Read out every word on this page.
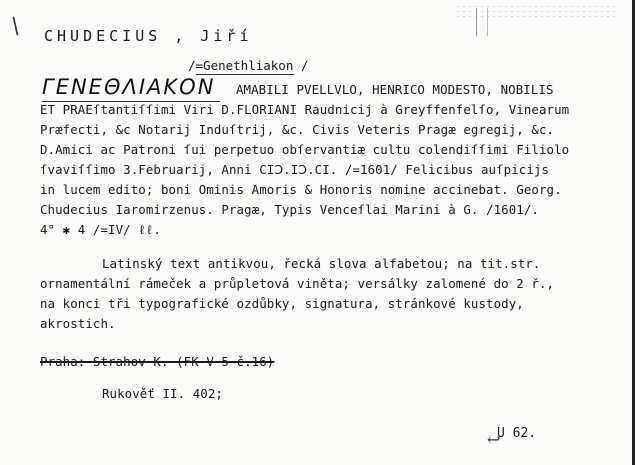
/ CHUDECIUS , Jiří
/=Genethliakon /
ΓΕΝΕΘΛΙΑΚΟΝ AMABILI PVELLVLO, HENRICO MODESTO, NOBILIS
ET PRAEſtantiſſimi Viri D.FLORIANI Raudnicij à Greyffenfelſo, Vinearum
Præfecti, &c Notarij Induſtrij, &c. Civis Veteris Pragæ egregij, &c.
D.Amici ac Patroni ſui perpetuo obſervantiæ cultu colendiſſimi Filiolo
ſvaviſſimo 3.Februarij, Anni CIↃ.IↃ.CI. /=1601/ Felicibus auſpicijs
in lucem edito; boni Ominis Amoris & Honoris nomine accinebat. Georg.
Chudecius Iaromirzenus. Pragæ, Typis Venceſlai Marini à G. /1601/.
4° ✱ 4 /=IV/ ℓℓ.
Latinský text antikvou, řecká slova alfabetou; na tit.str.
ornamentální rámeček a průpletová viněta; versálky zalomené do 2 ř.,
na konci tři typografické ozdůbky, signatura, stránkové kustody,
akrostich.
Praha: Strahov K. (FK V 5 č.16)
Rukověť II. 402;
↩
U 62.
